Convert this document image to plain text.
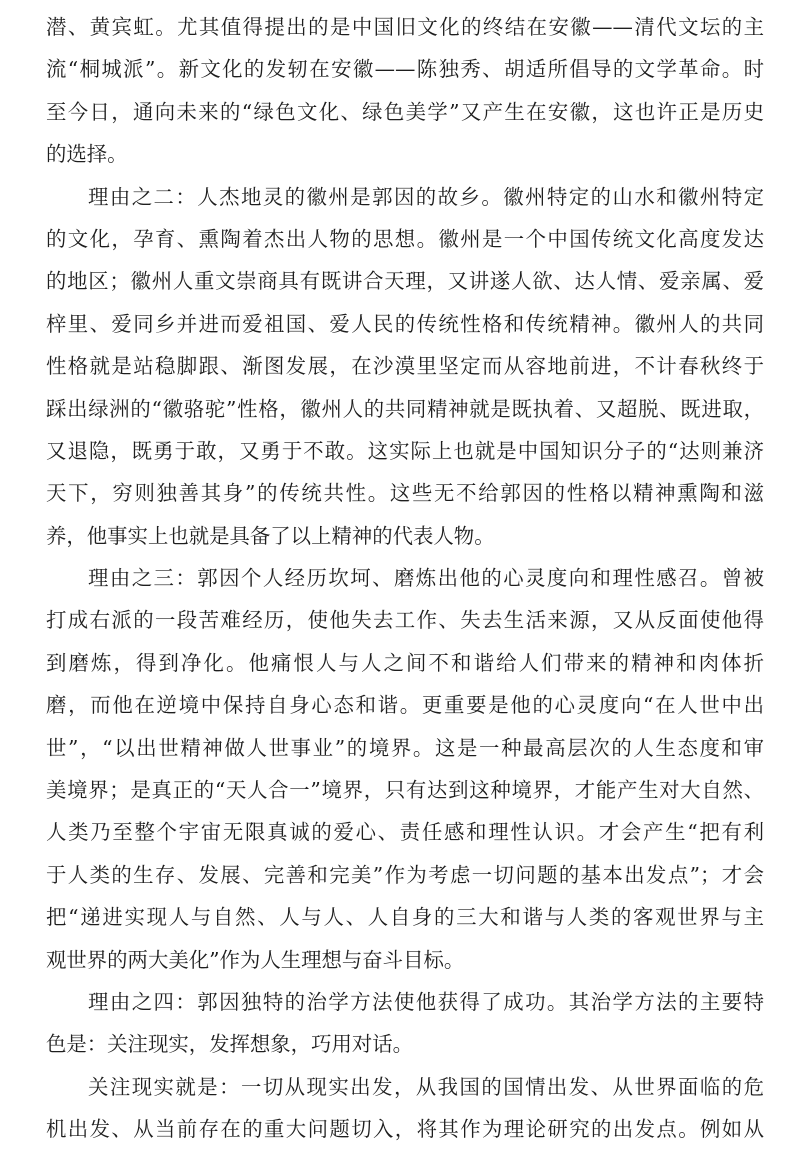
潜、黄宾虹。尤其值得提出的是中国旧文化的终结在安徽——清代文坛的主
流“桐城派”。新文化的发轫在安徽——陈独秀、胡适所倡导的文学革命。时
至今日，通向未来的“绿色文化、绿色美学”又产生在安徽，这也许正是历史
的选择。
理由之二：人杰地灵的徽州是郭因的故乡。徽州特定的山水和徽州特定
的文化，孕育、熏陶着杰出人物的思想。徽州是一个中国传统文化高度发达
的地区；徽州人重文崇商具有既讲合天理，又讲遂人欲、达人情、爱亲属、爱
梓里、爱同乡并进而爱祖国、爱人民的传统性格和传统精神。徽州人的共同
性格就是站稳脚跟、渐图发展，在沙漠里坚定而从容地前进，不计春秋终于
踩出绿洲的“徽骆驼”性格，徽州人的共同精神就是既执着、又超脱、既进取，
又退隐，既勇于敢，又勇于不敢。这实际上也就是中国知识分子的“达则兼济
天下，穷则独善其身”的传统共性。这些无不给郭因的性格以精神熏陶和滋
养，他事实上也就是具备了以上精神的代表人物。
理由之三：郭因个人经历坎坷、磨炼出他的心灵度向和理性感召。曾被
打成右派的一段苦难经历，使他失去工作、失去生活来源，又从反面使他得
到磨炼，得到净化。他痛恨人与人之间不和谐给人们带来的精神和肉体折
磨，而他在逆境中保持自身心态和谐。更重要是他的心灵度向“在人世中出
世”，“以出世精神做人世事业”的境界。这是一种最高层次的人生态度和审
美境界；是真正的“天人合一”境界，只有达到这种境界，才能产生对大自然、
人类乃至整个宇宙无限真诚的爱心、责任感和理性认识。才会产生“把有利
于人类的生存、发展、完善和完美”作为考虑一切问题的基本出发点”；才会
把“递进实现人与自然、人与人、人自身的三大和谐与人类的客观世界与主
观世界的两大美化”作为人生理想与奋斗目标。
理由之四：郭因独特的治学方法使他获得了成功。其治学方法的主要特
色是：关注现实，发挥想象，巧用对话。
关注现实就是：一切从现实出发，从我国的国情出发、从世界面临的危
机出发、从当前存在的重大问题切入，将其作为理论研究的出发点。例如从
